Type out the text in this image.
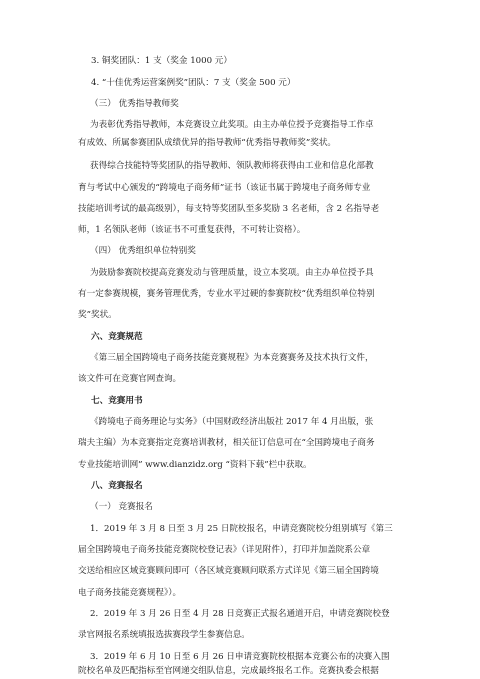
3. 铜奖团队：1 支（奖金 1000 元）
4. “十佳优秀运营案例奖”团队：7 支（奖金 500 元）
（三） 优秀指导教师奖
为表彰优秀指导教师，本竞赛设立此奖项。由主办单位授予竞赛指导工作卓
有成效、所属参赛团队成绩优异的指导教师“优秀指导教师奖”奖状。
获得综合技能特等奖团队的指导教师、领队教师将获得由工业和信息化部教
育与考试中心颁发的“跨境电子商务师”证书（该证书属于跨境电子商务师专业
技能培训考试的最高级别），每支特等奖团队至多奖励 3 名老师，含 2 名指导老
师，1 名领队老师（该证书不可重复获得，不可转让资格）。
（四） 优秀组织单位特别奖
为鼓励参赛院校提高竞赛发动与管理质量，设立本奖项。由主办单位授予具
有一定参赛规模，赛务管理优秀，专业水平过硬的参赛院校“优秀组织单位特别
奖”奖状。
六、竞赛规范
《第三届全国跨境电子商务技能竞赛规程》为本竞赛赛务及技术执行文件，
该文件可在竞赛官网查询。
七、竞赛用书
《跨境电子商务理论与实务》（中国财政经济出版社 2017 年 4 月出版，张
瑞夫主编）为本竞赛指定竞赛培训教材，相关征订信息可在“全国跨境电子商务
专业技能培训网” www.dianzidz.org “资料下载”栏中获取。
八、竞赛报名
（一） 竞赛报名
1．2019 年 3 月 8 日至 3 月 25 日院校报名，申请竞赛院校分组别填写《第三
届全国跨境电子商务技能竞赛院校登记表》（详见附件），打印并加盖院系公章
交送给相应区域竞赛顾问即可（各区域竞赛顾问联系方式详见《第三届全国跨境
电子商务技能竞赛规程》）。
2．2019 年 3 月 26 日至 4 月 28 日竞赛正式报名通道开启，申请竞赛院校登
录官网报名系统填报选拔赛段学生参赛信息。
3．2019 年 6 月 10 日至 6 月 26 日申请竞赛院校根据本竞赛公布的决赛入围
院校名单及匹配指标至官网递交组队信息，完成最终报名工作。竞赛执委会根据
